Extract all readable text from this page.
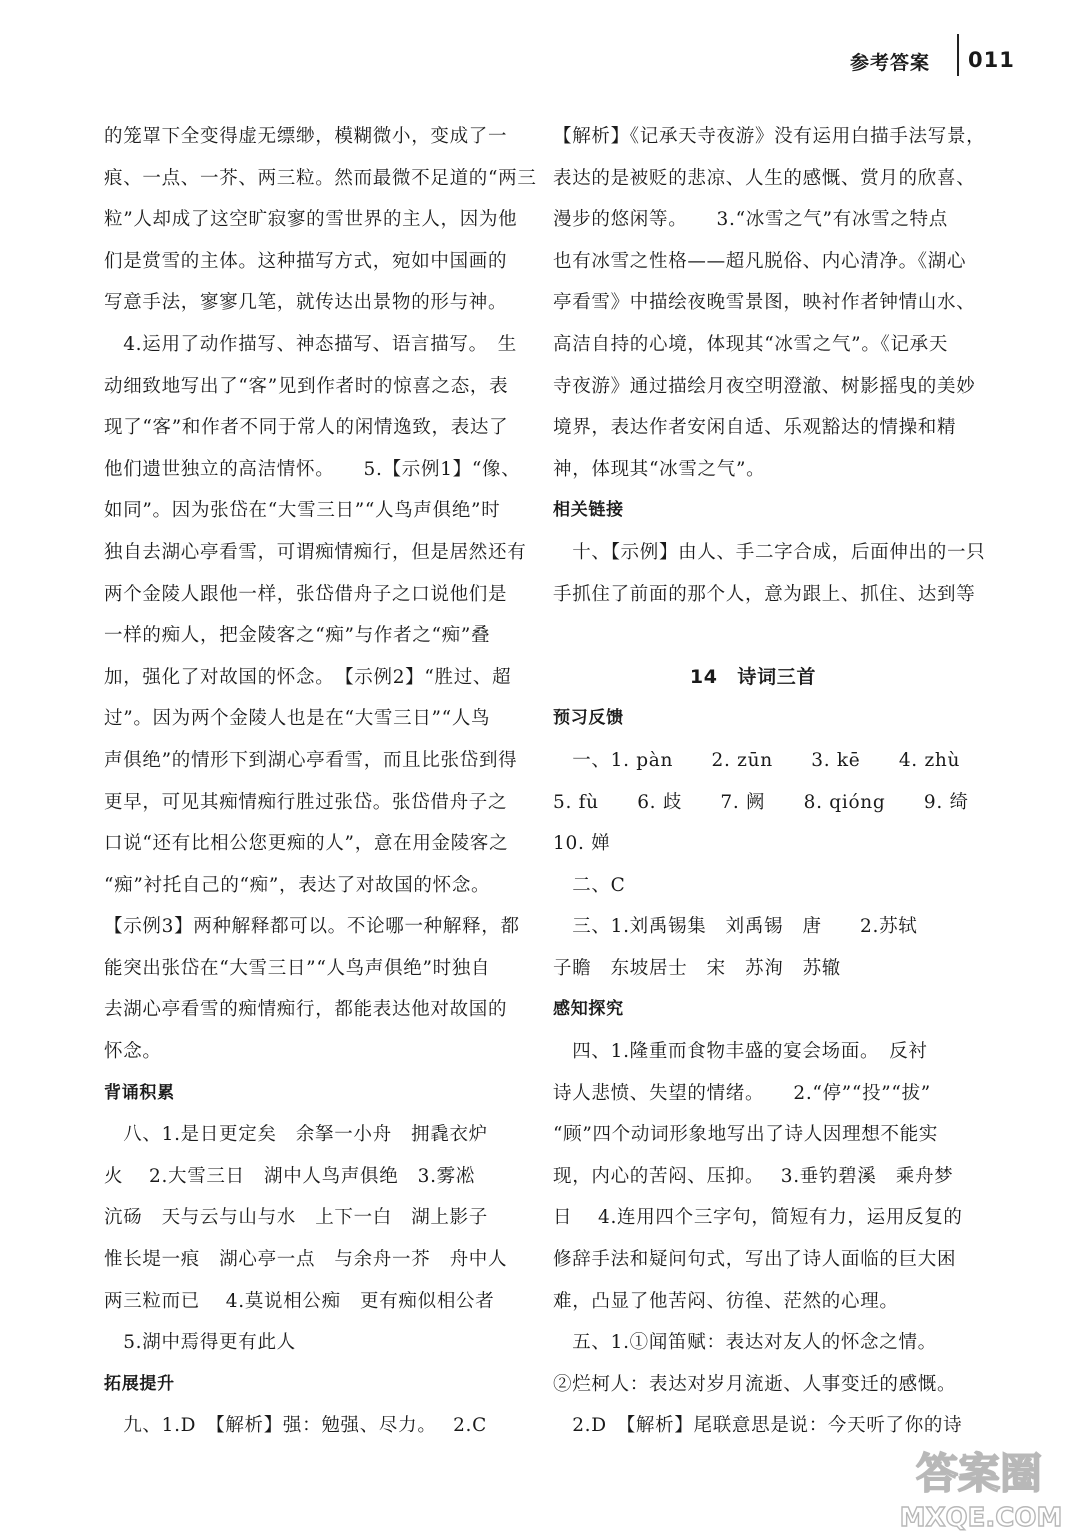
参考答案 011
的笼罩下全变得虚无缥缈，模糊微小，变成了一
痕、一点、一芥、两三粒。然而最微不足道的“两三
粒”人却成了这空旷寂寥的雪世界的主人，因为他
们是赏雪的主体。这种描写方式，宛如中国画的
写意手法，寥寥几笔，就传达出景物的形与神。
　4.运用了动作描写、神态描写、语言描写。　生
动细致地写出了“客”见到作者时的惊喜之态，表
现了“客”和作者不同于常人的闲情逸致，表达了
他们遗世独立的高洁情怀。　　5.【示例1】“像、
如同”。因为张岱在“大雪三日”“人鸟声俱绝”时
独自去湖心亭看雪，可谓痴情痴行，但是居然还有
两个金陵人跟他一样，张岱借舟子之口说他们是
一样的痴人，把金陵客之“痴”与作者之“痴”叠
加，强化了对故国的怀念。　【示例2】“胜过、超
过”。因为两个金陵人也是在“大雪三日”“人鸟
声俱绝”的情形下到湖心亭看雪，而且比张岱到得
更早，可见其痴情痴行胜过张岱。张岱借舟子之
口说“还有比相公您更痴的人”，意在用金陵客之
“痴”衬托自己的“痴”，表达了对故国的怀念。
【示例3】两种解释都可以。不论哪一种解释，都
能突出张岱在“大雪三日”“人鸟声俱绝”时独自
去湖心亭看雪的痴情痴行，都能表达他对故国的
怀念。
背诵积累
　八、1.是日更定矣　余拏一小舟　拥毳衣炉
火　 2.大雪三日　湖中人鸟声俱绝　3.雾凇
沆砀　天与云与山与水　上下一白　湖上影子
惟长堤一痕　湖心亭一点　与余舟一芥　舟中人
两三粒而已　 4.莫说相公痴　更有痴似相公者
　5.湖中焉得更有此人
拓展提升
　九、1.D　【解析】强：勉强、尽力。　 2.C
【解析】《记承天寺夜游》没有运用白描手法写景，
表达的是被贬的悲凉、人生的感慨、赏月的欣喜、
漫步的悠闲等。　　3.“冰雪之气”有冰雪之特点
也有冰雪之性格——超凡脱俗、内心清净。《湖心
亭看雪》中描绘夜晚雪景图，映衬作者钟情山水、
高洁自持的心境，体现其“冰雪之气”。《记承天
寺夜游》通过描绘月夜空明澄澈、树影摇曳的美妙
境界，表达作者安闲自适、乐观豁达的情操和精
神，体现其“冰雪之气”。
相关链接
　十、【示例】由人、手二字合成，后面伸出的一只
手抓住了前面的那个人，意为跟上、抓住、达到等
14　诗词三首
预习反馈
　一、1. pàn　　2. zūn　　3. kē　　4. zhù
5. fù　　6. 歧　　7. 阙　　8. qióng　　9. 绮
10. 婵
　二、C
　三、1.刘禹锡集　刘禹锡　唐　　2.苏轼
子瞻　东坡居士　宋　苏洵　苏辙
感知探究
　四、1.隆重而食物丰盛的宴会场面。　反衬
诗人悲愤、失望的情绪。　　2.“停”“投”“拔”
“顾”四个动词形象地写出了诗人因理想不能实
现，内心的苦闷、压抑。　 3.垂钓碧溪　乘舟梦
日　 4.连用四个三字句，简短有力，运用反复的
修辞手法和疑问句式，写出了诗人面临的巨大困
难，凸显了他苦闷、彷徨、茫然的心理。
　五、1.①闻笛赋：表达对友人的怀念之情。
②烂柯人：表达对岁月流逝、人事变迁的感慨。
　2.D　【解析】尾联意思是说：今天听了你的诗
答案圈
MXQE.COM
